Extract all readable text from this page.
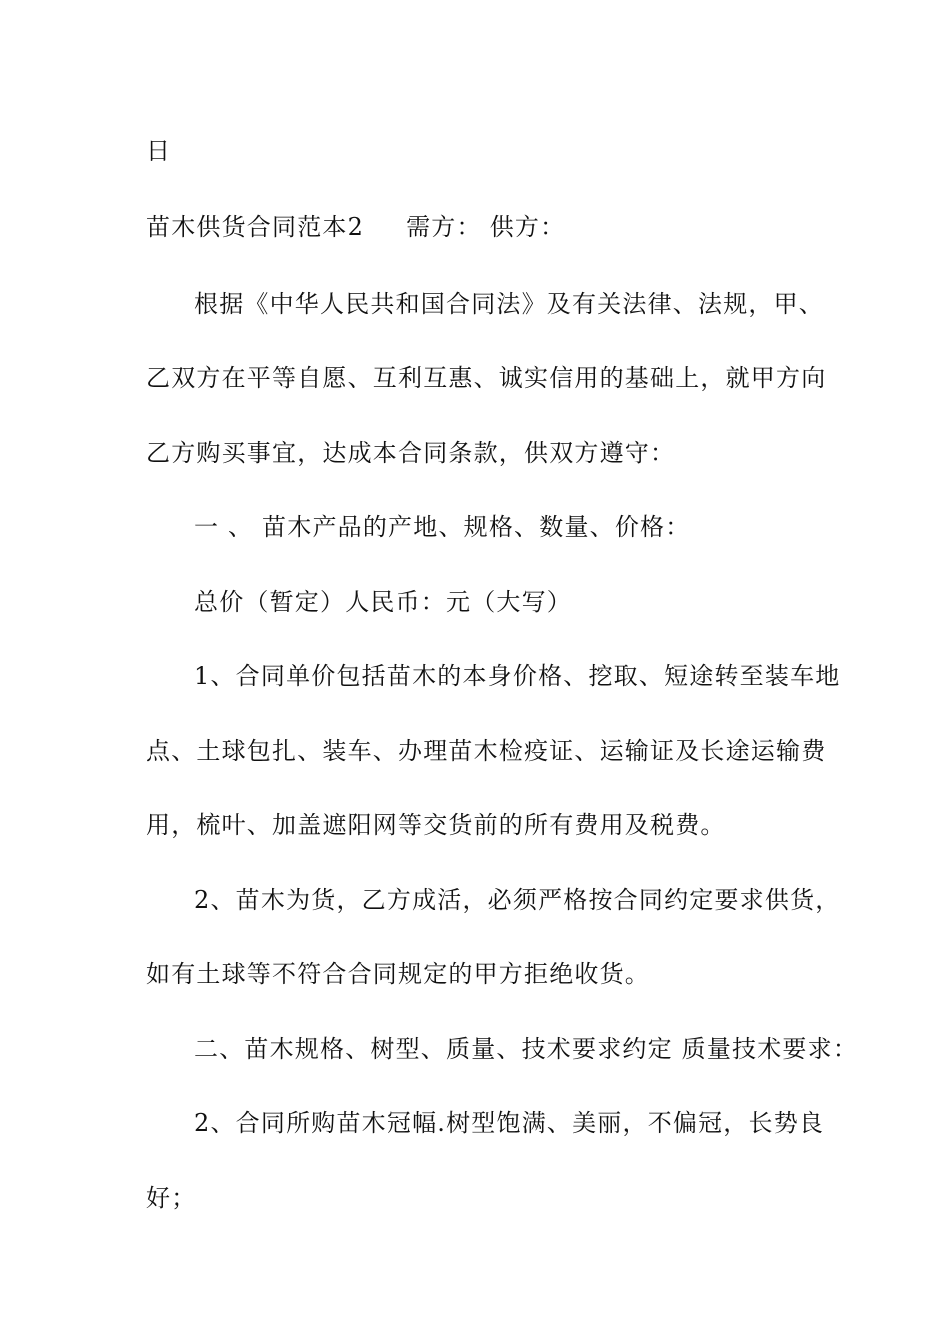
日
苗木供货合同范本2 需方： 供方：
根据《中华人民共和国合同法》及有关法律、法规，甲、
乙双方在平等自愿、互利互惠、诚实信用的基础上，就甲方向
乙方购买事宜，达成本合同条款，供双方遵守：
一 、 苗木产品的产地、规格、数量、价格：
总价（暂定）人民币：元（大写）
1、合同单价包括苗木的本身价格、挖取、短途转至装车地
点、土球包扎、装车、办理苗木检疫证、运输证及长途运输费
用，梳叶、加盖遮阳网等交货前的所有费用及税费。
2、苗木为货，乙方成活，必须严格按合同约定要求供货，
如有土球等不符合合同规定的甲方拒绝收货。
二、苗木规格、树型、质量、技术要求约定 质量技术要求：
2、合同所购苗木冠幅.树型饱满、美丽，不偏冠，长势良
好；
